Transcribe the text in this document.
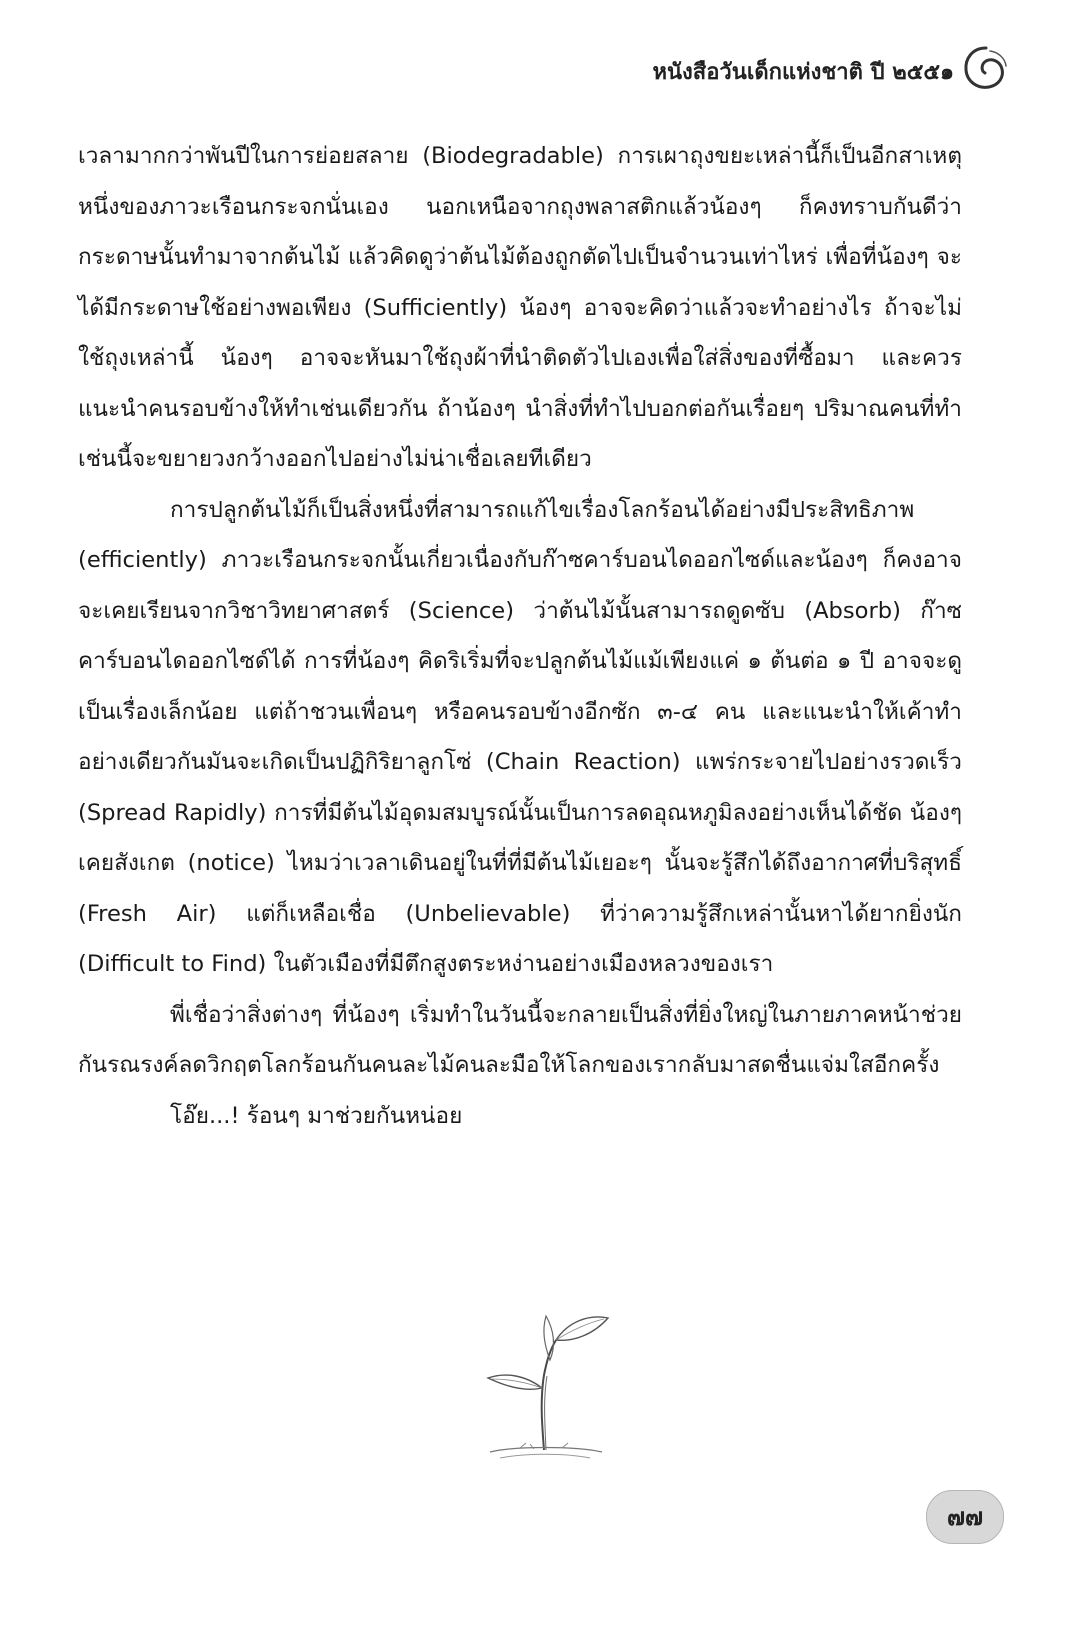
หนังสือวันเด็กแห่งชาติ ปี ๒๕๕๑

เวลามากกว่าพันปีในการย่อยสลาย (Biodegradable) การเผาถุงขยะเหล่านี้ก็เป็นอีกสาเหตุหนึ่งของภาวะเรือนกระจกนั่นเอง นอกเหนือจากถุงพลาสติกแล้วน้องๆ ก็คงทราบกันดีว่ากระดาษนั้นทำมาจากต้นไม้ แล้วคิดดูว่าต้นไม้ต้องถูกตัดไปเป็นจำนวนเท่าไหร่ เพื่อที่น้องๆ จะได้มีกระดาษใช้อย่างพอเพียง (Sufficiently) น้องๆ อาจจะคิดว่าแล้วจะทำอย่างไร ถ้าจะไม่ใช้ถุงเหล่านี้ น้องๆ อาจจะหันมาใช้ถุงผ้าที่นำติดตัวไปเองเพื่อใส่สิ่งของที่ซื้อมา และควรแนะนำคนรอบข้างให้ทำเช่นเดียวกัน ถ้าน้องๆ นำสิ่งที่ทำไปบอกต่อกันเรื่อยๆ ปริมาณคนที่ทำเช่นนี้จะขยายวงกว้างออกไปอย่างไม่น่าเชื่อเลยทีเดียว

การปลูกต้นไม้ก็เป็นสิ่งหนึ่งที่สามารถแก้ไขเรื่องโลกร้อนได้อย่างมีประสิทธิภาพ (efficiently) ภาวะเรือนกระจกนั้นเกี่ยวเนื่องกับก๊าซคาร์บอนไดออกไซด์และน้องๆ ก็คงอาจจะเคยเรียนจากวิชาวิทยาศาสตร์ (Science) ว่าต้นไม้นั้นสามารถดูดซับ (Absorb) ก๊าซคาร์บอนไดออกไซด์ได้ การที่น้องๆ คิดริเริ่มที่จะปลูกต้นไม้แม้เพียงแค่ ๑ ต้นต่อ ๑ ปี อาจจะดูเป็นเรื่องเล็กน้อย แต่ถ้าชวนเพื่อนๆ หรือคนรอบข้างอีกซัก ๓-๔ คน และแนะนำให้เค้าทำอย่างเดียวกันมันจะเกิดเป็นปฏิกิริยาลูกโซ่ (Chain Reaction) แพร่กระจายไปอย่างรวดเร็ว (Spread Rapidly) การที่มีต้นไม้อุดมสมบูรณ์นั้นเป็นการลดอุณหภูมิลงอย่างเห็นได้ชัด น้องๆ เคยสังเกต (notice) ไหมว่าเวลาเดินอยู่ในที่ที่มีต้นไม้เยอะๆ นั้นจะรู้สึกได้ถึงอากาศที่บริสุทธิ์ (Fresh Air) แต่ก็เหลือเชื่อ (Unbelievable) ที่ว่าความรู้สึกเหล่านั้นหาได้ยากยิ่งนัก (Difficult to Find) ในตัวเมืองที่มีตึกสูงตระหง่านอย่างเมืองหลวงของเรา

พี่เชื่อว่าสิ่งต่างๆ ที่น้องๆ เริ่มทำในวันนี้จะกลายเป็นสิ่งที่ยิ่งใหญ่ในภายภาคหน้าช่วยกันรณรงค์ลดวิกฤตโลกร้อนกันคนละไม้คนละมือให้โลกของเรากลับมาสดชื่นแจ่มใสอีกครั้ง

โอ๊ย...! ร้อนๆ มาช่วยกันหน่อย

๗๗
